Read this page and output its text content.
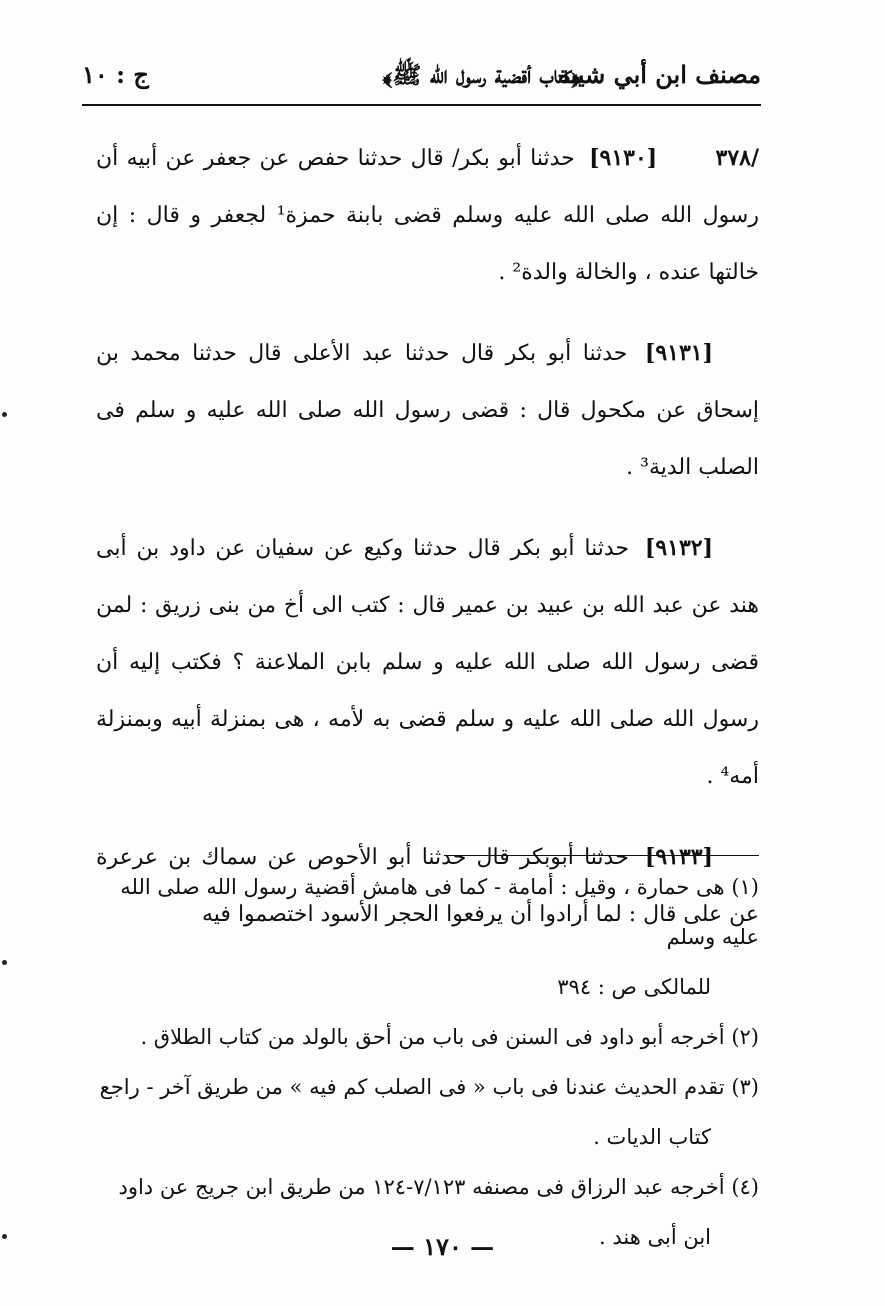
مصنف ابن أبي شيبة
﴿كتاب أقضية رسول الله ﷺ﴾
ج : ١٠

/٣٧٨ [٩١٣٠] حدثنا أبو بكر/ قال حدثنا حفص عن جعفر عن أبيه أن رسول الله صلى الله عليه وسلم قضى بابنة حمزة¹ لجعفر و قال : إن خالتها عنده ، والخالة والدة² .

[٩١٣١] حدثنا أبو بكر قال حدثنا عبد الأعلى قال حدثنا محمد بن إسحاق عن مكحول قال : قضى رسول الله صلى الله عليه و سلم فى الصلب الدية³ .

[٩١٣٢] حدثنا أبو بكر قال حدثنا وكيع عن سفيان عن داود بن أبى هند عن عبد الله بن عبيد بن عمير قال : كتب الى أخ من بنى زريق : لمن قضى رسول الله صلى الله عليه و سلم بابن الملاعنة ؟ فكتب إليه أن رسول الله صلى الله عليه و سلم قضى به لأمه ، هى بمنزلة أبيه وبمنزلة أمه⁴ .

[٩١٣٣] حدثنا أبوبكر قال حدثنا أبو الأحوص عن سماك بن عرعرة عن على قال : لما أرادوا أن يرفعوا الحجر الأسود اختصموا فيه

(١) هى حمارة ، وقيل : أمامة - كما فى هامش أقضية رسول الله صلى الله عليه وسلم
للمالكى ص : ٣٩٤

(٢) أخرجه أبو داود فى السنن فى باب من أحق بالولد من كتاب الطلاق .

(٣) تقدم الحديث عندنا فى باب « فى الصلب كم فيه » من طريق آخر - راجع
كتاب الديات .

(٤) أخرجه عبد الرزاق فى مصنفه ٧/١٢٣-١٢٤ من طريق ابن جريج عن داود
ابن أبى هند .

— ١٧٠ —
